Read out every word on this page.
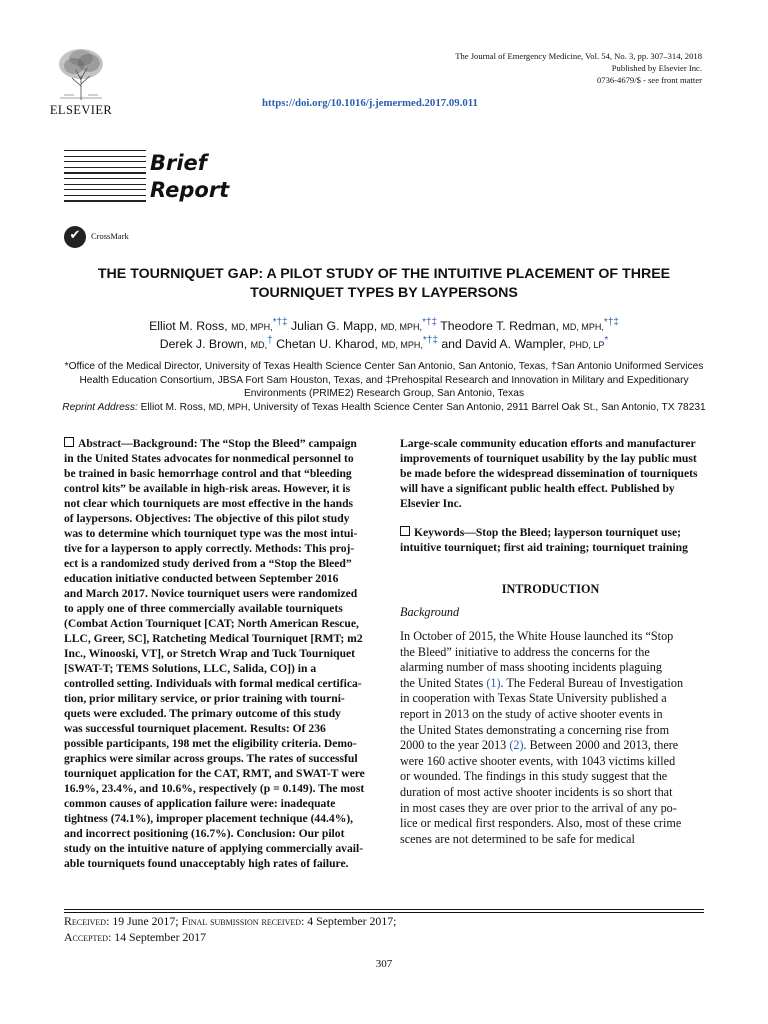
ELSEVIER
The Journal of Emergency Medicine, Vol. 54, No. 3, pp. 307–314, 2018
Published by Elsevier Inc.
0736-4679/$ - see front matter
https://doi.org/10.1016/j.jemermed.2017.09.011
Brief
Report
✔	CrossMark
THE TOURNIQUET GAP: A PILOT STUDY OF THE INTUITIVE PLACEMENT OF THREE
TOURNIQUET TYPES BY LAYPERSONS
Elliot M. Ross, MD, MPH,*†‡ Julian G. Mapp, MD, MPH,*†‡ Theodore T. Redman, MD, MPH,*†‡
Derek J. Brown, MD,† Chetan U. Kharod, MD, MPH,*†‡ and David A. Wampler, PHD, LP*
*Office of the Medical Director, University of Texas Health Science Center San Antonio, San Antonio, Texas, †San Antonio Uniformed Services
Health Education Consortium, JBSA Fort Sam Houston, Texas, and ‡Prehospital Research and Innovation in Military and Expeditionary
Environments (PRIME2) Research Group, San Antonio, Texas
Reprint Address: Elliot M. Ross, MD, MPH, University of Texas Health Science Center San Antonio, 2911 Barrel Oak St., San Antonio, TX 78231
Abstract—Background: The “Stop the Bleed” campaign
in the United States advocates for nonmedical personnel to
be trained in basic hemorrhage control and that “bleeding
control kits” be available in high-risk areas. However, it is
not clear which tourniquets are most effective in the hands
of laypersons. Objectives: The objective of this pilot study
was to determine which tourniquet type was the most intui-
tive for a layperson to apply correctly. Methods: This proj-
ect is a randomized study derived from a “Stop the Bleed”
education initiative conducted between September 2016
and March 2017. Novice tourniquet users were randomized
to apply one of three commercially available tourniquets
(Combat Action Tourniquet [CAT; North American Rescue,
LLC, Greer, SC], Ratcheting Medical Tourniquet [RMT; m2
Inc., Winooski, VT], or Stretch Wrap and Tuck Tourniquet
[SWAT-T; TEMS Solutions, LLC, Salida, CO]) in a
controlled setting. Individuals with formal medical certifica-
tion, prior military service, or prior training with tourni-
quets were excluded. The primary outcome of this study
was successful tourniquet placement. Results: Of 236
possible participants, 198 met the eligibility criteria. Demo-
graphics were similar across groups. The rates of successful
tourniquet application for the CAT, RMT, and SWAT-T were
16.9%, 23.4%, and 10.6%, respectively (p = 0.149). The most
common causes of application failure were: inadequate
tightness (74.1%), improper placement technique (44.4%),
and incorrect positioning (16.7%). Conclusion: Our pilot
study on the intuitive nature of applying commercially avail-
able tourniquets found unacceptably high rates of failure.
Large-scale community education efforts and manufacturer
improvements of tourniquet usability by the lay public must
be made before the widespread dissemination of tourniquets
will have a significant public health effect. Published by
Elsevier Inc.
Keywords—Stop the Bleed; layperson tourniquet use;
intuitive tourniquet; first aid training; tourniquet training
INTRODUCTION
Background
In October of 2015, the White House launched its “Stop
the Bleed” initiative to address the concerns for the
alarming number of mass shooting incidents plaguing
the United States (1). The Federal Bureau of Investigation
in cooperation with Texas State University published a
report in 2013 on the study of active shooter events in
the United States demonstrating a concerning rise from
2000 to the year 2013 (2). Between 2000 and 2013, there
were 160 active shooter events, with 1043 victims killed
or wounded. The findings in this study suggest that the
duration of most active shooter incidents is so short that
in most cases they are over prior to the arrival of any po-
lice or medical first responders. Also, most of these crime
scenes are not determined to be safe for medical
Received: 19 June 2017; Final submission received: 4 September 2017;
Accepted: 14 September 2017
307
